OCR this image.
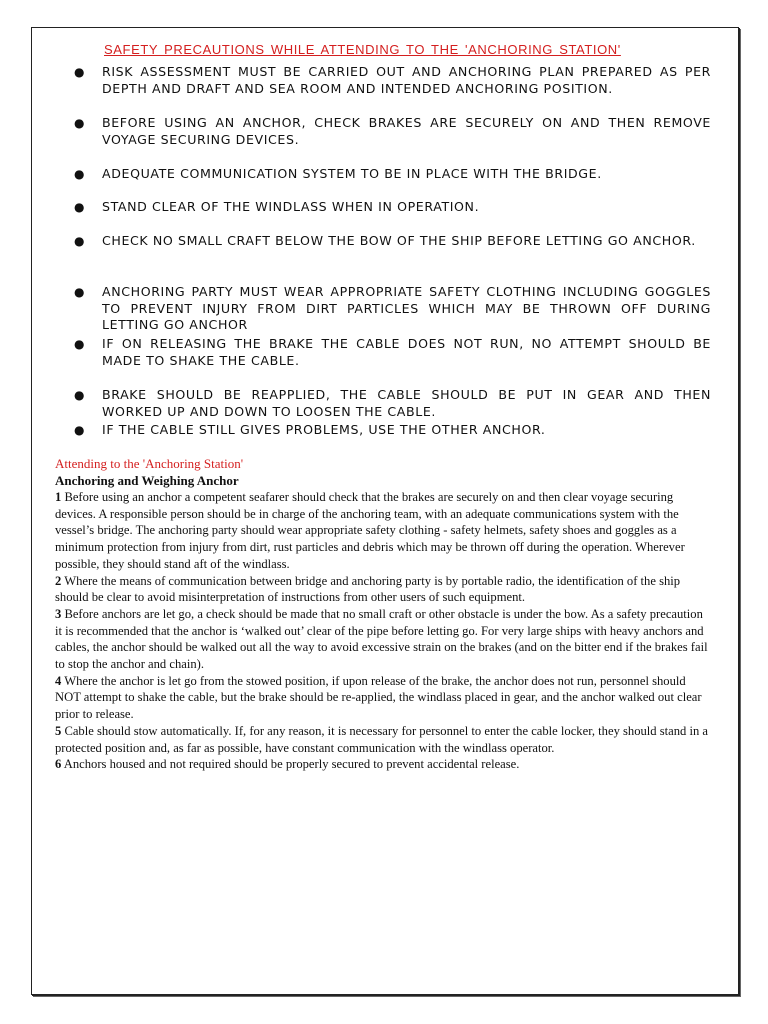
SAFETY PRECAUTIONS WHILE ATTENDING TO THE 'ANCHORING STATION'
● RISK ASSESSMENT MUST BE CARRIED OUT AND ANCHORING PLAN PREPARED AS PER DEPTH AND DRAFT AND SEA ROOM AND INTENDED ANCHORING POSITION.
● BEFORE USING AN ANCHOR, CHECK BRAKES ARE SECURELY ON AND THEN REMOVE VOYAGE SECURING DEVICES.
● ADEQUATE COMMUNICATION SYSTEM TO BE IN PLACE WITH THE BRIDGE.
● STAND CLEAR OF THE WINDLASS WHEN IN OPERATION.
● CHECK NO SMALL CRAFT BELOW THE BOW OF THE SHIP BEFORE LETTING GO ANCHOR.
● ANCHORING PARTY MUST WEAR APPROPRIATE SAFETY CLOTHING INCLUDING GOGGLES TO PREVENT INJURY FROM DIRT PARTICLES WHICH MAY BE THROWN OFF DURING LETTING GO ANCHOR
● IF ON RELEASING THE BRAKE THE CABLE DOES NOT RUN, NO ATTEMPT SHOULD BE MADE TO SHAKE THE CABLE.
● BRAKE SHOULD BE REAPPLIED, THE CABLE SHOULD BE PUT IN GEAR AND THEN WORKED UP AND DOWN TO LOOSEN THE CABLE.
● IF THE CABLE STILL GIVES PROBLEMS, USE THE OTHER ANCHOR.
Attending to the 'Anchoring Station'
Anchoring and Weighing Anchor
1 Before using an anchor a competent seafarer should check that the brakes are securely on and then clear voyage securing devices. A responsible person should be in charge of the anchoring team, with an adequate communications system with the vessel’s bridge. The anchoring party should wear appropriate safety clothing - safety helmets, safety shoes and goggles as a minimum protection from injury from dirt, rust particles and debris which may be thrown off during the operation. Wherever possible, they should stand aft of the windlass.
2 Where the means of communication between bridge and anchoring party is by portable radio, the identification of the ship should be clear to avoid misinterpretation of instructions from other users of such equipment.
3 Before anchors are let go, a check should be made that no small craft or other obstacle is under the bow. As a safety precaution it is recommended that the anchor is ‘walked out’ clear of the pipe before letting go. For very large ships with heavy anchors and cables, the anchor should be walked out all the way to avoid excessive strain on the brakes (and on the bitter end if the brakes fail to stop the anchor and chain).
4 Where the anchor is let go from the stowed position, if upon release of the brake, the anchor does not run, personnel should NOT attempt to shake the cable, but the brake should be re-applied, the windlass placed in gear, and the anchor walked out clear prior to release.
5 Cable should stow automatically. If, for any reason, it is necessary for personnel to enter the cable locker, they should stand in a protected position and, as far as possible, have constant communication with the windlass operator.
6 Anchors housed and not required should be properly secured to prevent accidental release.
